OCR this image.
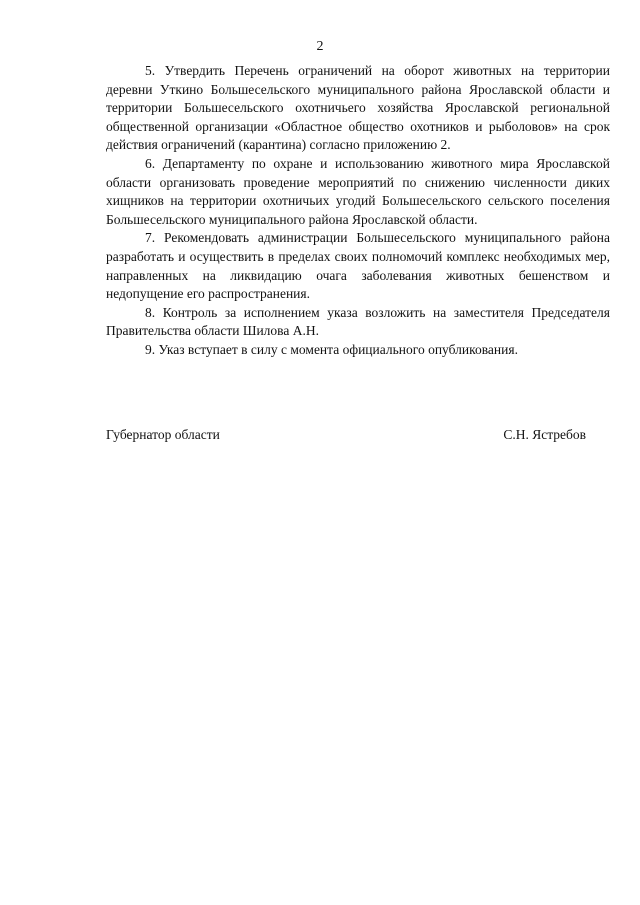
2

5. Утвердить Перечень ограничений на оборот животных на территории деревни Уткино Большесельского муниципального района Ярославской области и территории Большесельского охотничьего хозяйства Ярославской региональной общественной организации «Областное общество охотников и рыболовов» на срок действия ограничений (карантина) согласно приложению 2.

6. Департаменту по охране и использованию животного мира Ярославской области организовать проведение мероприятий по снижению численности диких хищников на территории охотничьих угодий Большесельского сельского поселения Большесельского муниципального района Ярославской области.

7. Рекомендовать администрации Большесельского муниципального района разработать и осуществить в пределах своих полномочий комплекс необходимых мер, направленных на ликвидацию очага заболевания животных бешенством и недопущение его распространения.

8. Контроль за исполнением указа возложить на заместителя Председателя Правительства области Шилова А.Н.

9. Указ вступает в силу с момента официального опубликования.

Губернатор области	С.Н. Ястребов
